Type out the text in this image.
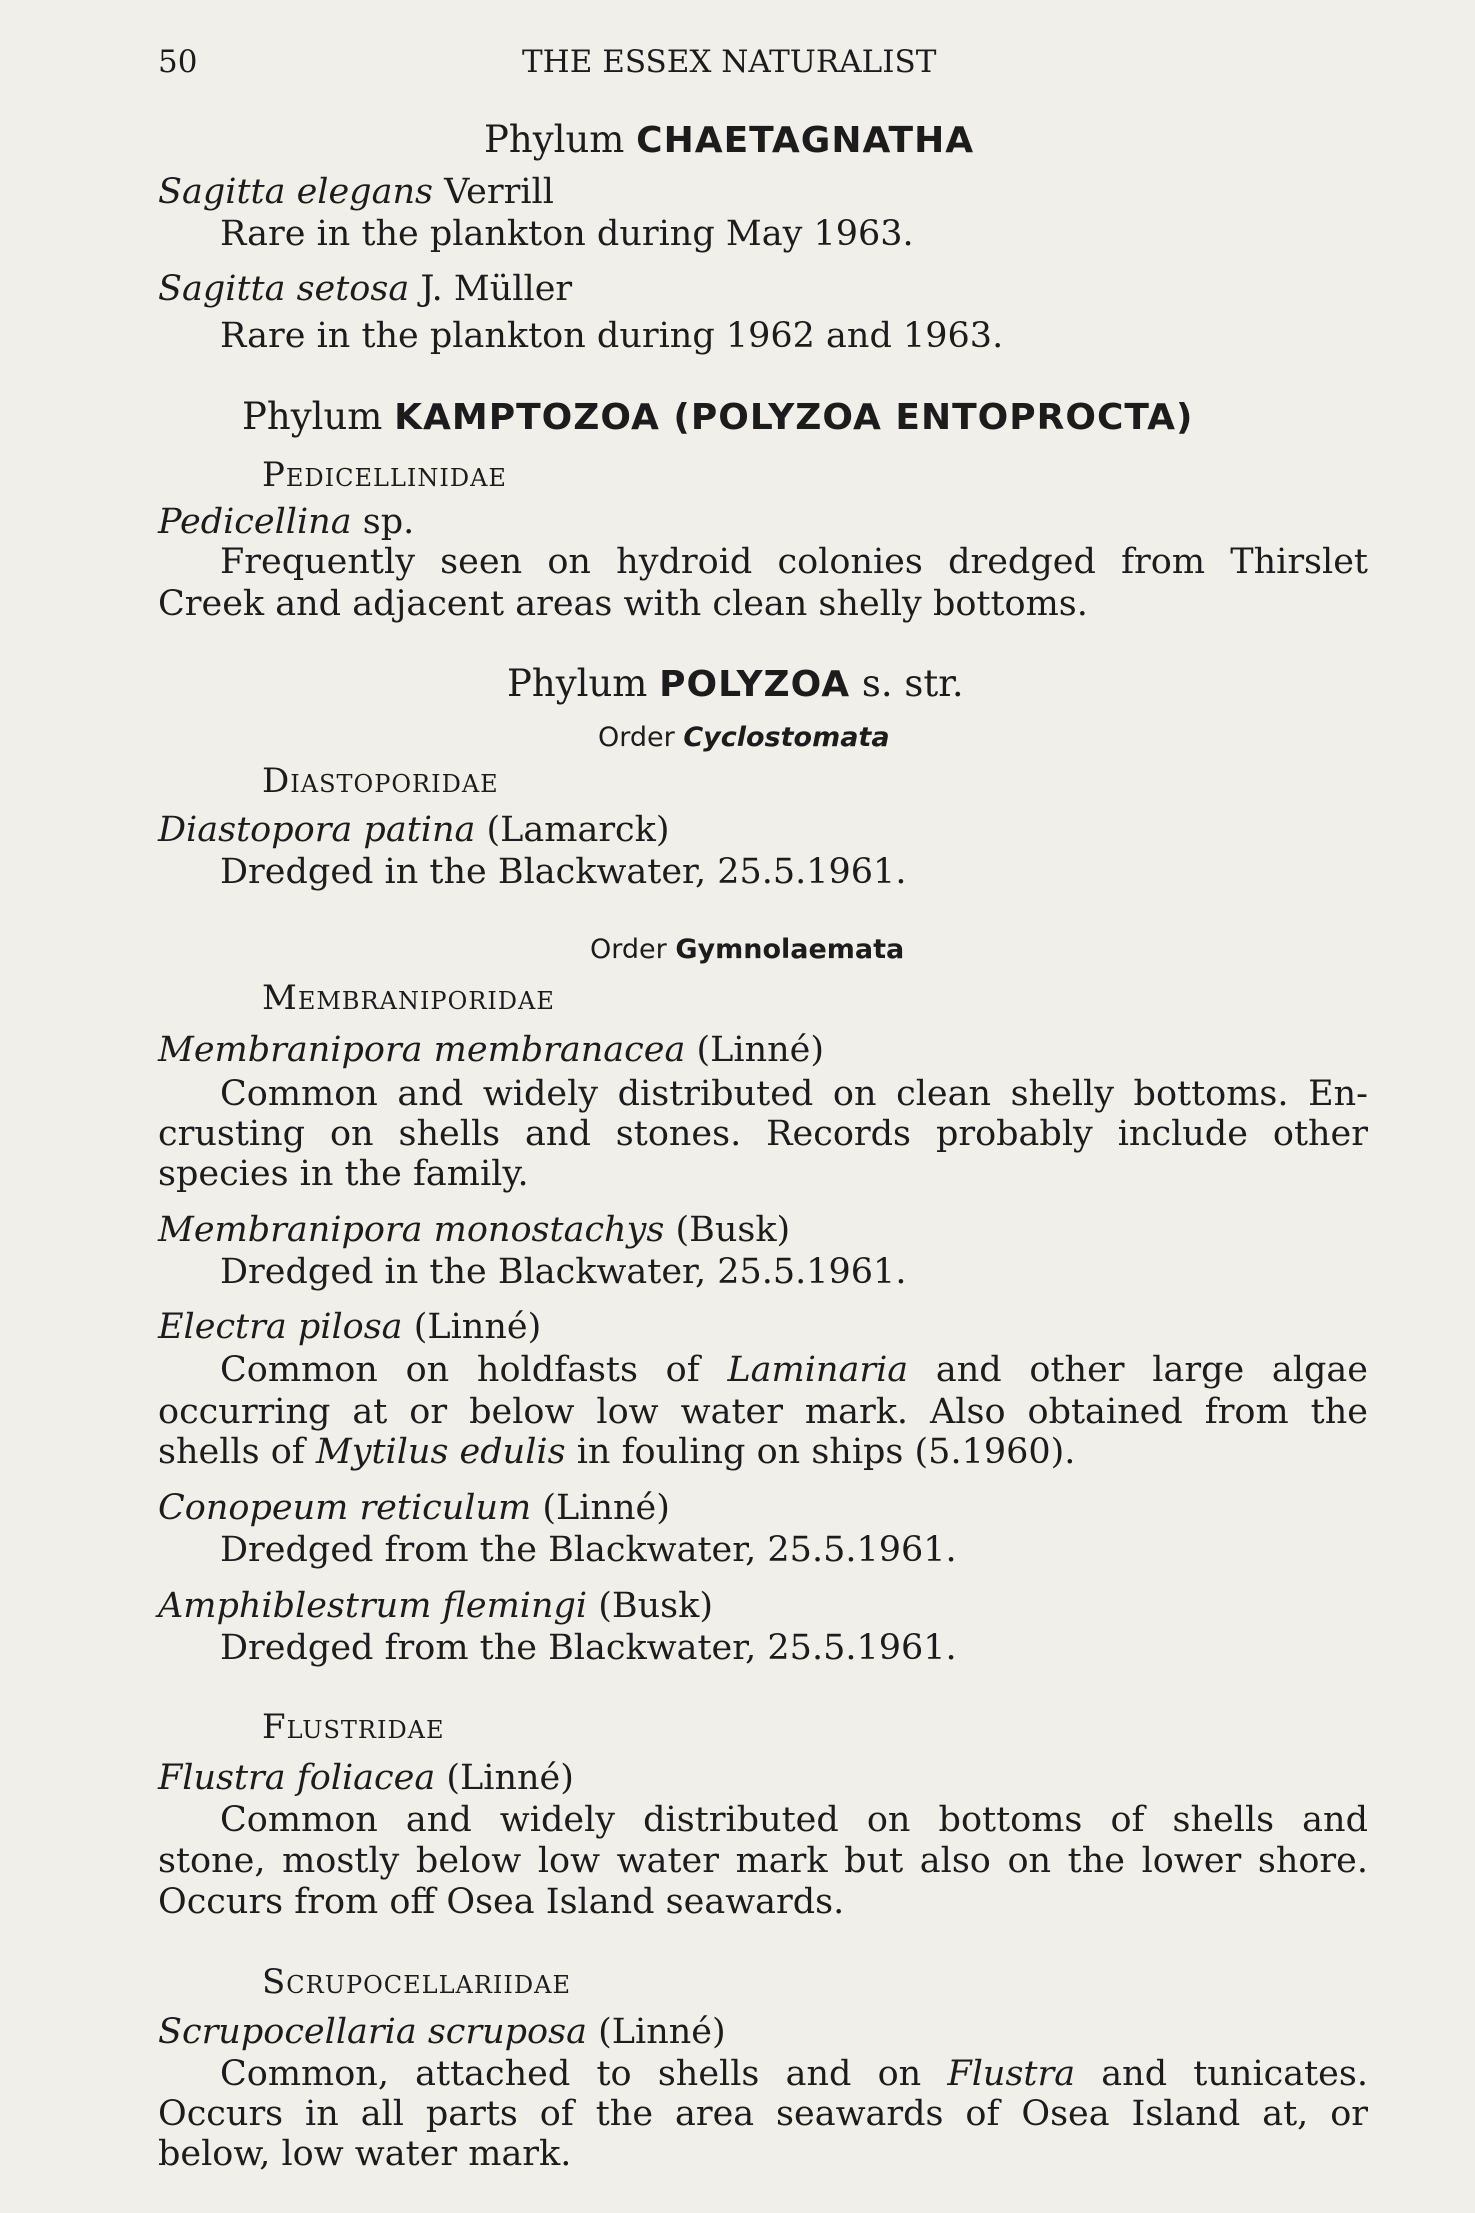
50	THE ESSEX NATURALIST
Phylum CHAETAGNATHA
Sagitta elegans Verrill
Rare in the plankton during May 1963.
Sagitta setosa J. Müller
Rare in the plankton during 1962 and 1963.
Phylum KAMPTOZOA (POLYZOA ENTOPROCTA)
Pedicellinidae
Pedicellina sp.
Frequently seen on hydroid colonies dredged from Thirslet
Creek and adjacent areas with clean shelly bottoms.
Phylum POLYZOA s. str.
Order Cyclostomata
Diastoporidae
Diastopora patina (Lamarck)
Dredged in the Blackwater, 25.5.1961.
Order Gymnolaemata
Membraniporidae
Membranipora membranacea (Linné)
Common and widely distributed on clean shelly bottoms. En-
crusting on shells and stones. Records probably include other
species in the family.
Membranipora monostachys (Busk)
Dredged in the Blackwater, 25.5.1961.
Electra pilosa (Linné)
Common on holdfasts of Laminaria and other large algae
occurring at or below low water mark. Also obtained from the
shells of Mytilus edulis in fouling on ships (5.1960).
Conopeum reticulum (Linné)
Dredged from the Blackwater, 25.5.1961.
Amphiblestrum flemingi (Busk)
Dredged from the Blackwater, 25.5.1961.
Flustridae
Flustra foliacea (Linné)
Common and widely distributed on bottoms of shells and
stone, mostly below low water mark but also on the lower shore.
Occurs from off Osea Island seawards.
Scrupocellariidae
Scrupocellaria scruposa (Linné)
Common, attached to shells and on Flustra and tunicates.
Occurs in all parts of the area seawards of Osea Island at, or
below, low water mark.
